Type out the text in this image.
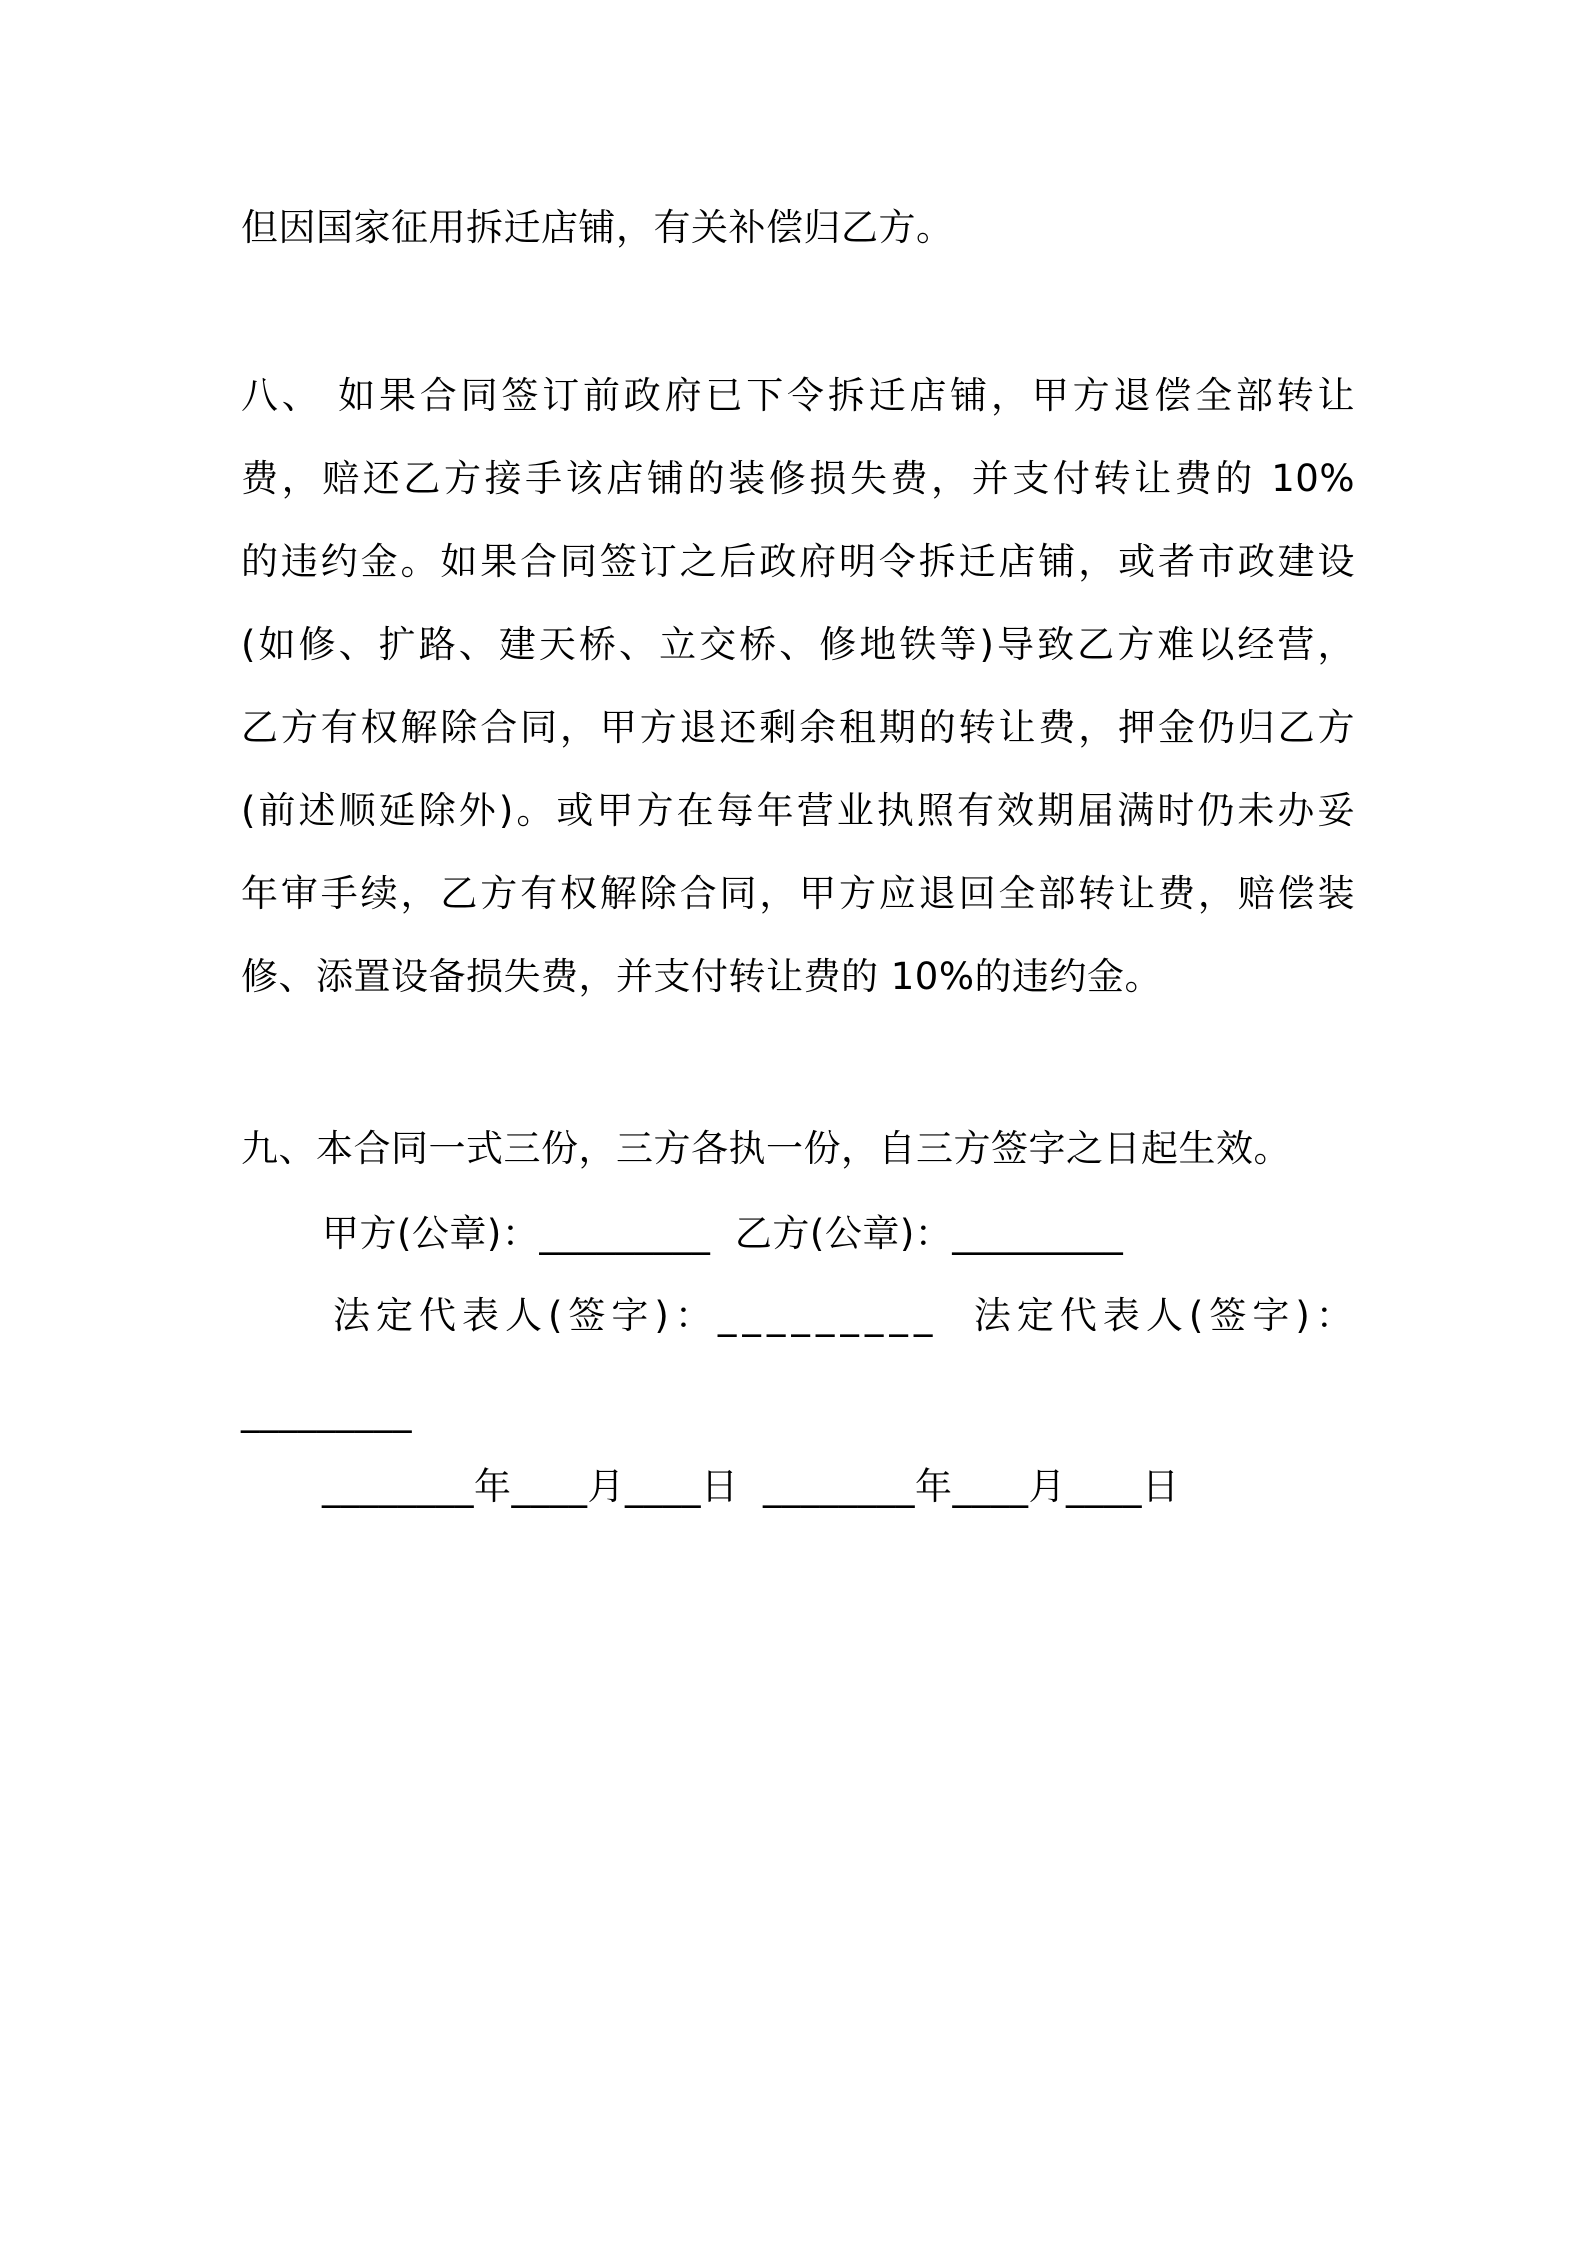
但因国家征用拆迁店铺，有关补偿归乙方。
八、 如果合同签订前政府已下令拆迁店铺，甲方退偿全部转让
费，赔还乙方接手该店铺的装修损失费，并支付转让费的 10%
的违约金。如果合同签订之后政府明令拆迁店铺，或者市政建设
(如修、扩路、建天桥、立交桥、修地铁等)导致乙方难以经营，
乙方有权解除合同，甲方退还剩余租期的转让费，押金仍归乙方
(前述顺延除外)。或甲方在每年营业执照有效期届满时仍未办妥
年审手续，乙方有权解除合同，甲方应退回全部转让费，赔偿装
修、添置设备损失费，并支付转让费的 10%的违约金。
九、本合同一式三份，三方各执一份，自三方签字之日起生效。
甲方(公章)：_________  乙方(公章)：_________
法定代表人(签字)：_________  法定代表人(签字)：
_________
________年____月____日  ________年____月____日
